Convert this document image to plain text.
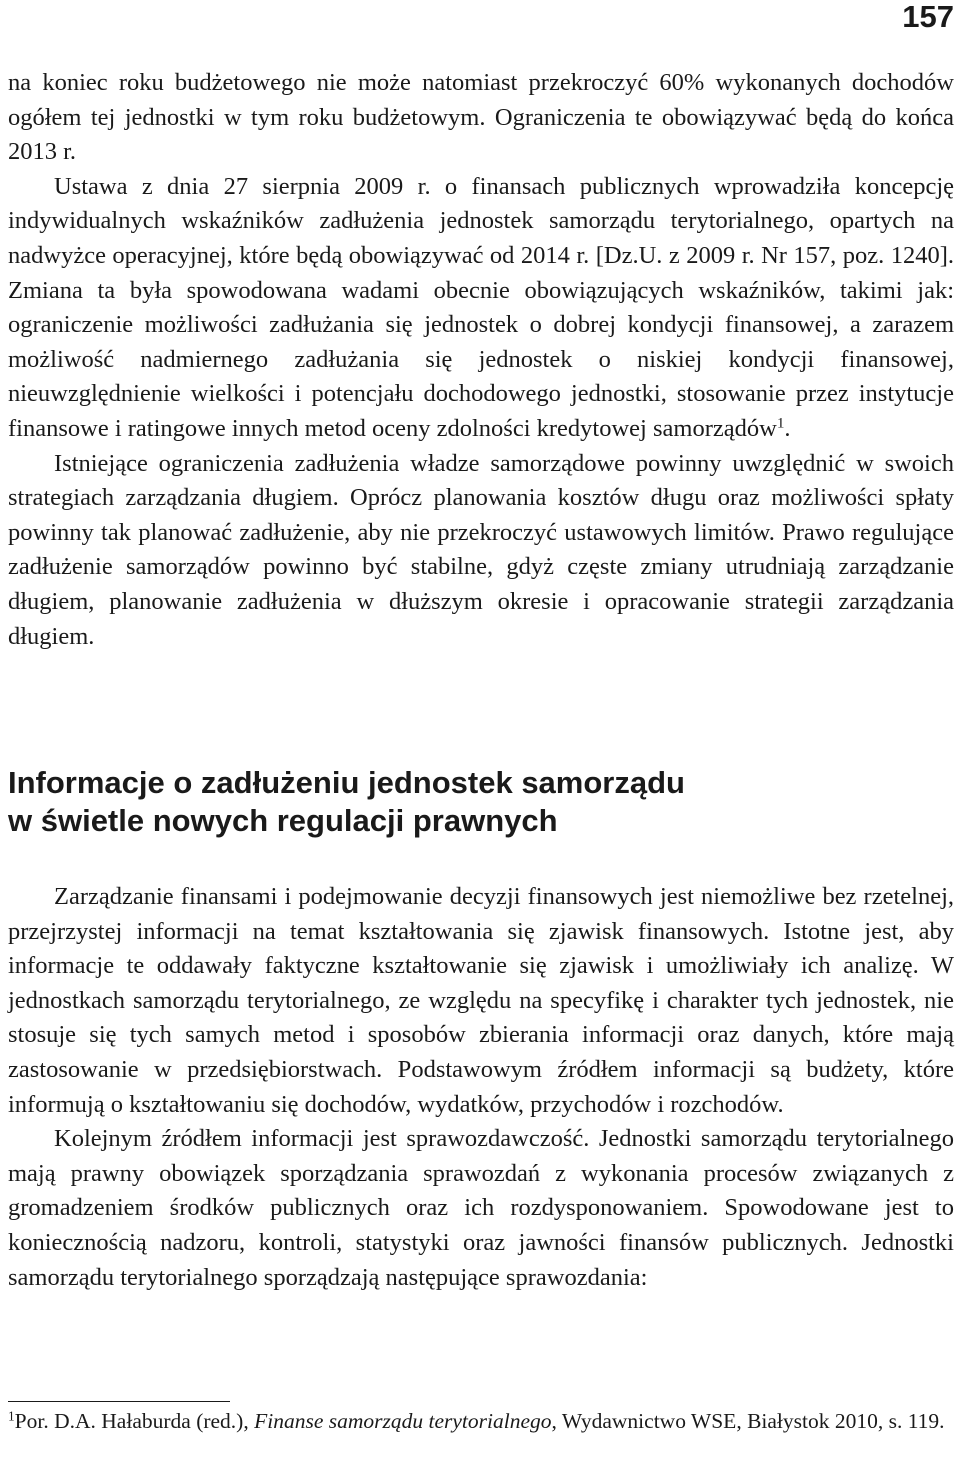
157

na koniec roku budżetowego nie może natomiast przekroczyć 60% wykonanych dochodów ogółem tej jednostki w tym roku budżetowym. Ograniczenia te obowiązywać będą do końca 2013 r.

Ustawa z dnia 27 sierpnia 2009 r. o finansach publicznych wprowadziła koncepcję indywidualnych wskaźników zadłużenia jednostek samorządu terytorialnego, opartych na nadwyżce operacyjnej, które będą obowiązywać od 2014 r. [Dz.U. z 2009 r. Nr 157, poz. 1240]. Zmiana ta była spowodowana wadami obecnie obowiązujących wskaźników, takimi jak: ograniczenie możliwości zadłużania się jednostek o dobrej kondycji finansowej, a zarazem możliwość nadmiernego zadłużania się jednostek o niskiej kondycji finansowej, nieuwzględnienie wielkości i potencjału dochodowego jednostki, stosowanie przez instytucje finansowe i ratingowe innych metod oceny zdolności kredytowej samorządów$^1$.

Istniejące ograniczenia zadłużenia władze samorządowe powinny uwzględnić w swoich strategiach zarządzania długiem. Oprócz planowania kosztów długu oraz możliwości spłaty powinny tak planować zadłużenie, aby nie przekroczyć ustawowych limitów. Prawo regulujące zadłużenie samorządów powinno być stabilne, gdyż częste zmiany utrudniają zarządzanie długiem, planowanie zadłużenia w dłuższym okresie i opracowanie strategii zarządzania długiem.

Informacje o zadłużeniu jednostek samorządu
w świetle nowych regulacji prawnych

Zarządzanie finansami i podejmowanie decyzji finansowych jest niemożliwe bez rzetelnej, przejrzystej informacji na temat kształtowania się zjawisk finansowych. Istotne jest, aby informacje te oddawały faktyczne kształtowanie się zjawisk i umożliwiały ich analizę. W jednostkach samorządu terytorialnego, ze względu na specyfikę i charakter tych jednostek, nie stosuje się tych samych metod i sposobów zbierania informacji oraz danych, które mają zastosowanie w przedsiębiorstwach. Podstawowym źródłem informacji są budżety, które informują o kształtowaniu się dochodów, wydatków, przychodów i rozchodów.

Kolejnym źródłem informacji jest sprawozdawczość. Jednostki samorządu terytorialnego mają prawny obowiązek sporządzania sprawozdań z wykonania procesów związanych z gromadzeniem środków publicznych oraz ich rozdysponowaniem. Spowodowane jest to koniecznością nadzoru, kontroli, statystyki oraz jawności finansów publicznych. Jednostki samorządu terytorialnego sporządzają następujące sprawozdania:

$^1$Por. D.A. Hałaburda (red.), Finanse samorządu terytorialnego, Wydawnictwo WSE, Białystok 2010, s. 119.
